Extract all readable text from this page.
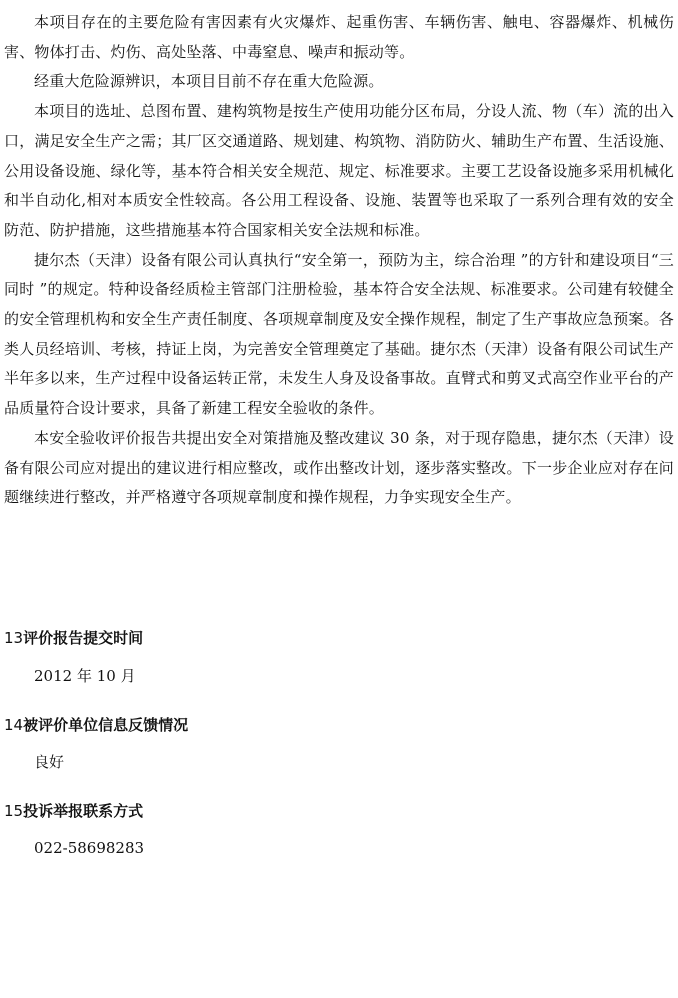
本项目存在的主要危险有害因素有火灾爆炸、起重伤害、车辆伤害、触电、容器爆炸、机械伤害、物体打击、灼伤、高处坠落、中毒窒息、噪声和振动等。

经重大危险源辨识，本项目目前不存在重大危险源。

本项目的选址、总图布置、建构筑物是按生产使用功能分区布局，分设人流、物（车）流的出入口，满足安全生产之需；其厂区交通道路、规划建、构筑物、消防防火、辅助生产布置、生活设施、公用设备设施、绿化等，基本符合相关安全规范、规定、标准要求。主要工艺设备设施多采用机械化和半自动化,相对本质安全性较高。各公用工程设备、设施、装置等也采取了一系列合理有效的安全防范、防护措施，这些措施基本符合国家相关安全法规和标准。

捷尔杰（天津）设备有限公司认真执行“安全第一，预防为主，综合治理 ”的方针和建设项目“三同时 ”的规定。特种设备经质检主管部门注册检验，基本符合安全法规、标准要求。公司建有较健全的安全管理机构和安全生产责任制度、各项规章制度及安全操作规程，制定了生产事故应急预案。各类人员经培训、考核，持证上岗，为完善安全管理奠定了基础。捷尔杰（天津）设备有限公司试生产半年多以来，生产过程中设备运转正常，未发生人身及设备事故。直臂式和剪叉式高空作业平台的产品质量符合设计要求，具备了新建工程安全验收的条件。

本安全验收评价报告共提出安全对策措施及整改建议 30 条，对于现存隐患，捷尔杰（天津）设备有限公司应对提出的建议进行相应整改，或作出整改计划，逐步落实整改。下一步企业应对存在问题继续进行整改，并严格遵守各项规章制度和操作规程，力争实现安全生产。

13评价报告提交时间

2012 年 10 月

14被评价单位信息反馈情况

良好

15投诉举报联系方式

022-58698283
